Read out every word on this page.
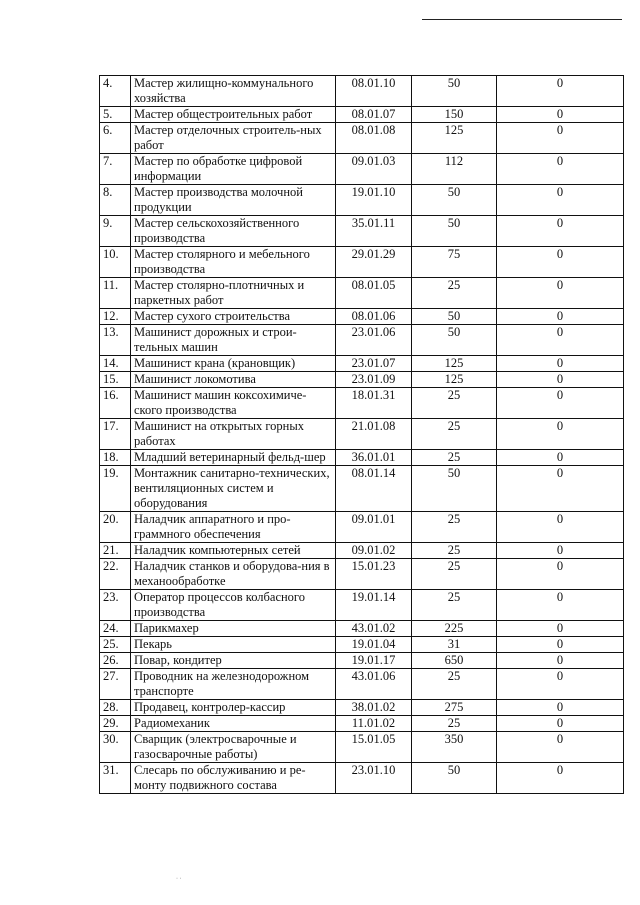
4.	Мастер жилищно-коммунального хозяйства	08.01.10	50	0
5.	Мастер общестроительных работ	08.01.07	150	0
6.	Мастер отделочных строитель-ных работ	08.01.08	125	0
7.	Мастер по обработке цифровой информации	09.01.03	112	0
8.	Мастер производства молочной продукции	19.01.10	50	0
9.	Мастер сельскохозяйственного производства	35.01.11	50	0
10.	Мастер столярного и мебельного производства	29.01.29	75	0
11.	Мастер столярно-плотничных и паркетных работ	08.01.05	25	0
12.	Мастер сухого строительства	08.01.06	50	0
13.	Машинист дорожных и строи-тельных машин	23.01.06	50	0
14.	Машинист крана (крановщик)	23.01.07	125	0
15.	Машинист локомотива	23.01.09	125	0
16.	Машинист машин коксохимиче-ского производства	18.01.31	25	0
17.	Машинист на открытых горных работах	21.01.08	25	0
18.	Младший ветеринарный фельд-шер	36.01.01	25	0
19.	Монтажник санитарно-технических, вентиляционных систем и оборудования	08.01.14	50	0
20.	Наладчик аппаратного и про-граммного обеспечения	09.01.01	25	0
21.	Наладчик компьютерных сетей	09.01.02	25	0
22.	Наладчик станков и оборудова-ния в механообработке	15.01.23	25	0
23.	Оператор процессов колбасного производства	19.01.14	25	0
24.	Парикмахер	43.01.02	225	0
25.	Пекарь	19.01.04	31	0
26.	Повар, кондитер	19.01.17	650	0
27.	Проводник на железнодорожном транспорте	43.01.06	25	0
28.	Продавец, контролер-кассир	38.01.02	275	0
29.	Радиомеханик	11.01.02	25	0
30.	Сварщик (электросварочные и газосварочные работы)	15.01.05	350	0
31.	Слесарь по обслуживанию и ре-монту подвижного состава	23.01.10	50	0
· ·
